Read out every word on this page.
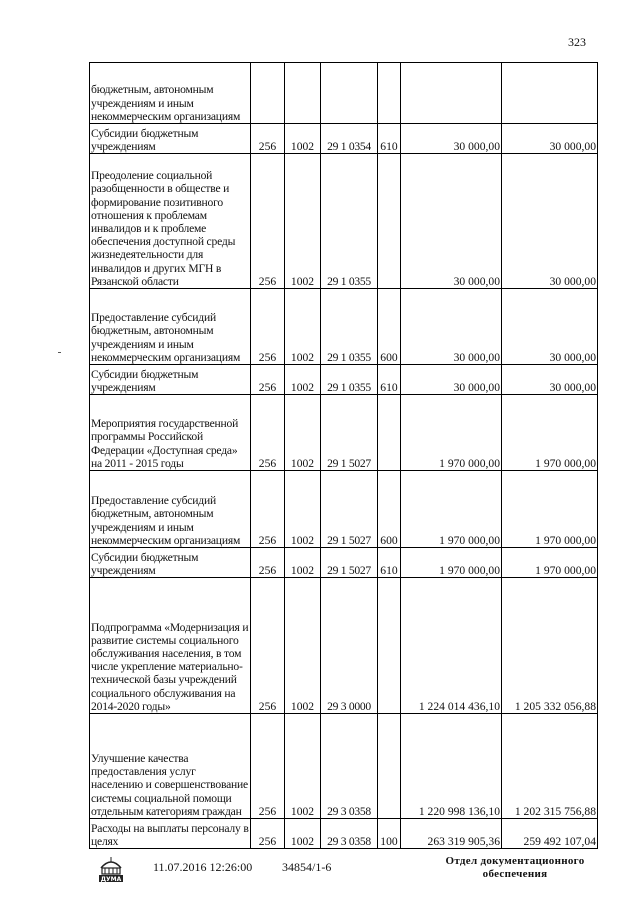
323
бюджетным, автономным учреждениям и иным некоммерческим организациям						
Субсидии бюджетным учреждениям	256	1002	29 1 0354	610	30 000,00	30 000,00
Преодоление социальной разобщенности в обществе и формирование позитивного отношения к проблемам инвалидов и к проблеме обеспечения доступной среды жизнедеятельности для инвалидов и других МГН в Рязанской области	256	1002	29 1 0355		30 000,00	30 000,00
Предоставление субсидий бюджетным, автономным учреждениям и иным некоммерческим организациям	256	1002	29 1 0355	600	30 000,00	30 000,00
Субсидии бюджетным учреждениям	256	1002	29 1 0355	610	30 000,00	30 000,00
Мероприятия государственной программы Российской Федерации «Доступная среда» на 2011 - 2015 годы	256	1002	29 1 5027		1 970 000,00	1 970 000,00
Предоставление субсидий бюджетным, автономным учреждениям и иным некоммерческим организациям	256	1002	29 1 5027	600	1 970 000,00	1 970 000,00
Субсидии бюджетным учреждениям	256	1002	29 1 5027	610	1 970 000,00	1 970 000,00
Подпрограмма «Модернизация и развитие системы социального обслуживания населения, в том числе укрепление материально-технической базы учреждений социального обслуживания на 2014-2020 годы»	256	1002	29 3 0000		1 224 014 436,10	1 205 332 056,88
Улучшение качества предоставления услуг населению и совершенствование системы социальной помощи отдельным категориям граждан	256	1002	29 3 0358		1 220 998 136,10	1 202 315 756,88
Расходы на выплаты персоналу в целях	256	1002	29 3 0358	100	263 319 905,36	259 492 107,04
ДУМА
11.07.2016 12:26:00 34854/1-6	Отдел документационного
обеспечения
